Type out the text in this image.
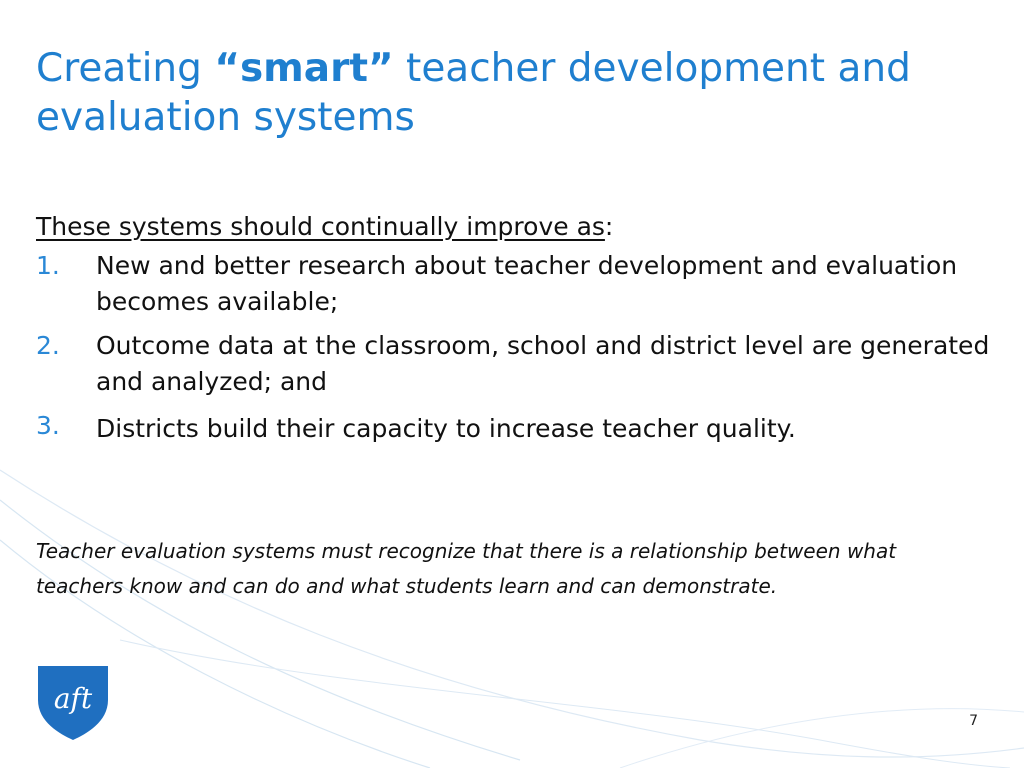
Creating “smart” teacher development and evaluation systems

These systems should continually improve as:

1.	New and better research about teacher development and evaluation becomes available;
2.	Outcome data at the classroom, school and district level are generated and analyzed; and
3.	Districts build their capacity to increase teacher quality.

Teacher evaluation systems must recognize that there is a relationship between what teachers know and can do and what students learn and can demonstrate.

aft
7
